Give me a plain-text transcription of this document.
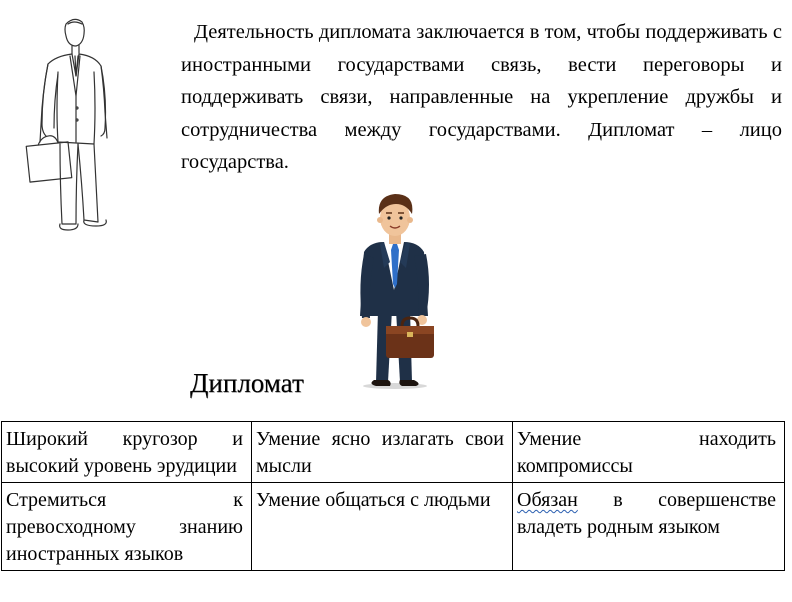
Деятельность дипломата заключается в том, чтобы поддерживать с иностранными государствами связь, вести переговоры и поддерживать связи, направленные на укрепление дружбы и сотрудничества между государствами. Дипломат – лицо государства.

Дипломат

Широкий кругозор и высокий уровень эрудиции	Умение ясно излагать свои мысли	Умение находить компромиссы
Стремиться к превосходному знанию иностранных языков	Умение общаться с людьми	Обязан в совершенстве владеть родным языком
